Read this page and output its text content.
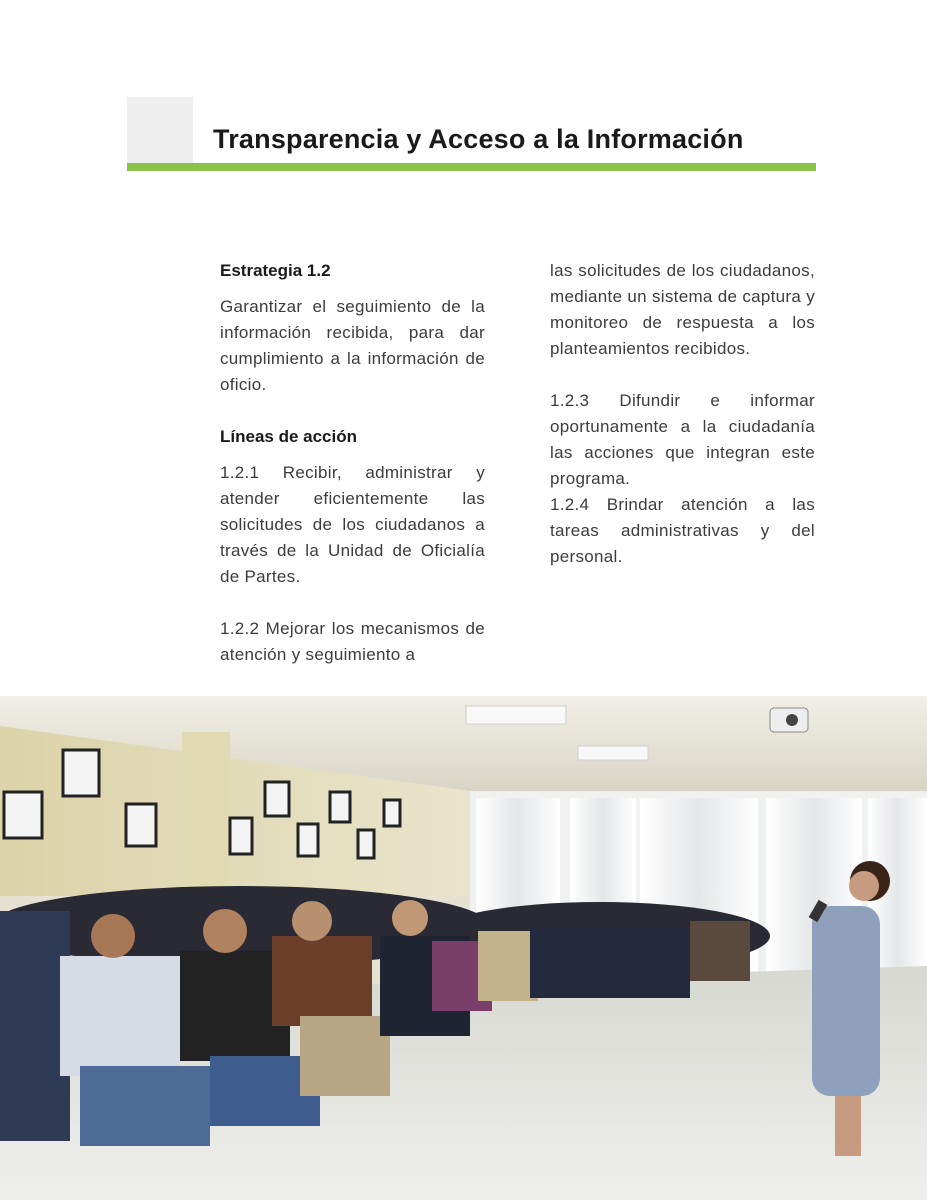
Transparencia y Acceso a la Información
Estrategia 1.2

Garantizar el seguimiento de la información recibida, para dar cumplimiento a la información de oficio.

Líneas de acción

1.2.1 Recibir, administrar y atender eficientemente las solicitudes de los ciudadanos a través de la Unidad de Oficialía de Partes.

1.2.2 Mejorar los mecanismos de atención y seguimiento a

las solicitudes de los ciudadanos, mediante un sistema de captura y monitoreo de respuesta a los planteamientos recibidos.

1.2.3 Difundir e informar oportunamente a la ciudadanía las acciones que integran este programa.

1.2.4 Brindar atención a las tareas administrativas y del personal.
